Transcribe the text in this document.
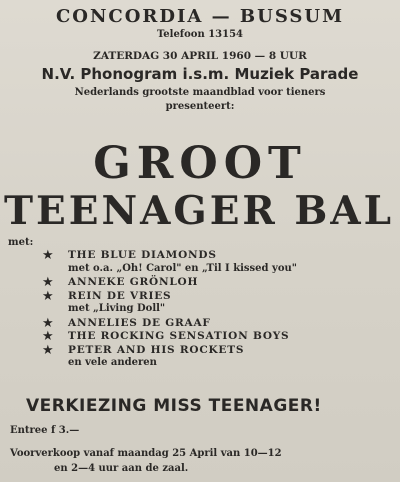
CONCORDIA — BUSSUM
Telefoon 13154
ZATERDAG 30 APRIL 1960 — 8 UUR
N.V. Phonogram i.s.m. Muziek Parade
Nederlands grootste maandblad voor tieners
presenteert:
GROOT
TEENAGER BAL
met:
★ THE BLUE DIAMONDS
met o.a. „Oh! Carol" en „Til I kissed you"
★ ANNEKE GRÖNLOH
★ REIN DE VRIES
met „Living Doll"
★ ANNELIES DE GRAAF
★ THE ROCKING SENSATION BOYS
★ PETER AND HIS ROCKETS
en vele anderen
VERKIEZING MISS TEENAGER!
Entree f 3.—
Voorverkoop vanaf maandag 25 April van 10—12
en 2—4 uur aan de zaal.
